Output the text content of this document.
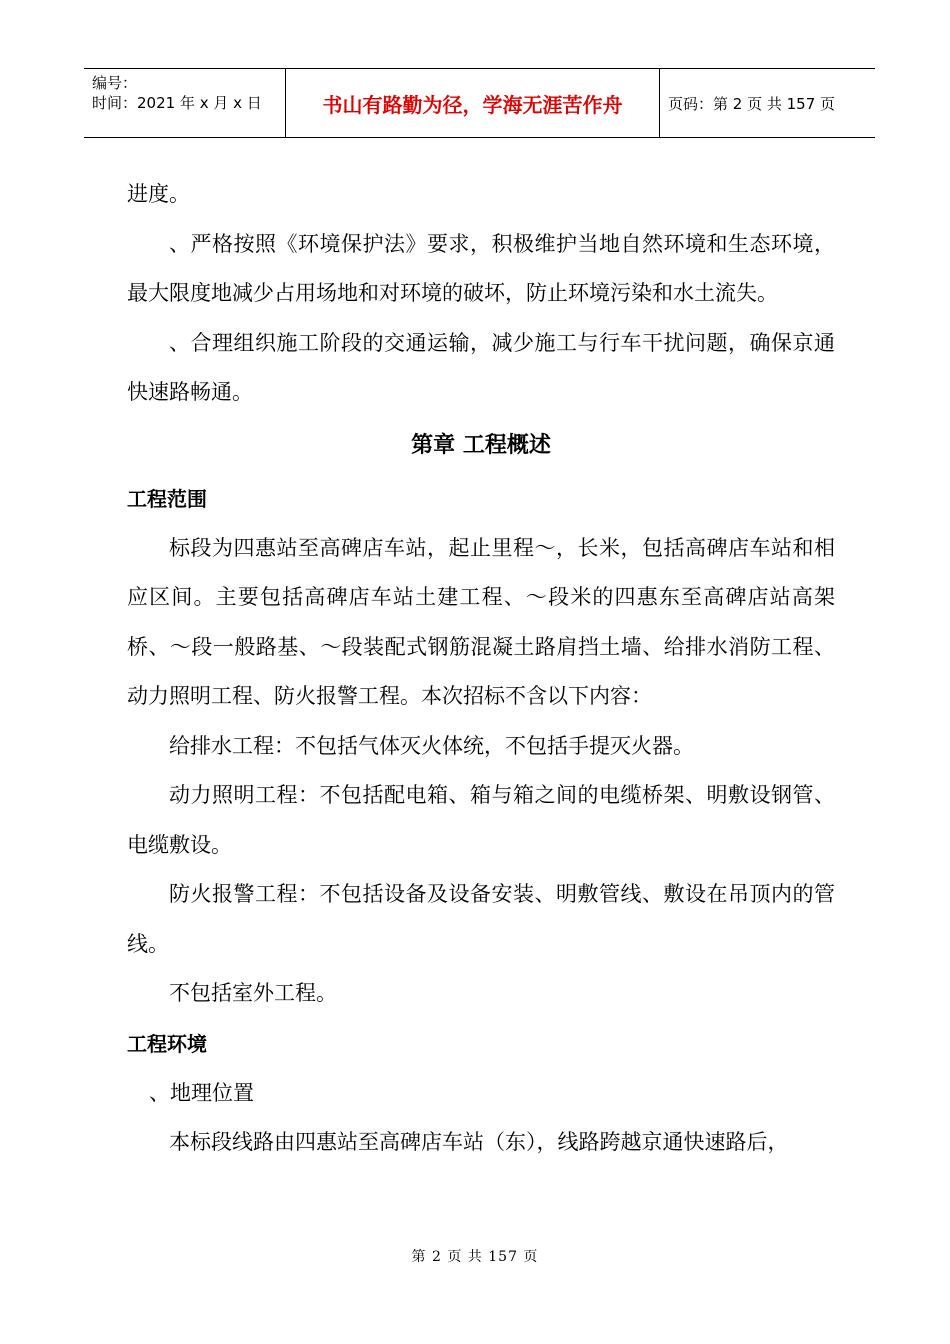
编号：
时间：2021 年 x 月 x 日	书山有路勤为径，学海无涯苦作舟	页码：第 2 页 共 157 页

进度。

、严格按照《环境保护法》要求，积极维护当地自然环境和生态环境，最大限度地减少占用场地和对环境的破坏，防止环境污染和水土流失。

、合理组织施工阶段的交通运输，减少施工与行车干扰问题，确保京通快速路畅通。

第章 工程概述

工程范围

标段为四惠站至高碑店车站，起止里程～，长米，包括高碑店车站和相应区间。主要包括高碑店车站土建工程、～段米的四惠东至高碑店站高架桥、～段一般路基、～段装配式钢筋混凝土路肩挡土墙、给排水消防工程、动力照明工程、防火报警工程。本次招标不含以下内容：

给排水工程：不包括气体灭火体统，不包括手提灭火器。

动力照明工程：不包括配电箱、箱与箱之间的电缆桥架、明敷设钢管、电缆敷设。

防火报警工程：不包括设备及设备安装、明敷管线、敷设在吊顶内的管线。

不包括室外工程。

工程环境

、地理位置

本标段线路由四惠站至高碑店车站（东），线路跨越京通快速路后，

第 2 页 共 157 页
